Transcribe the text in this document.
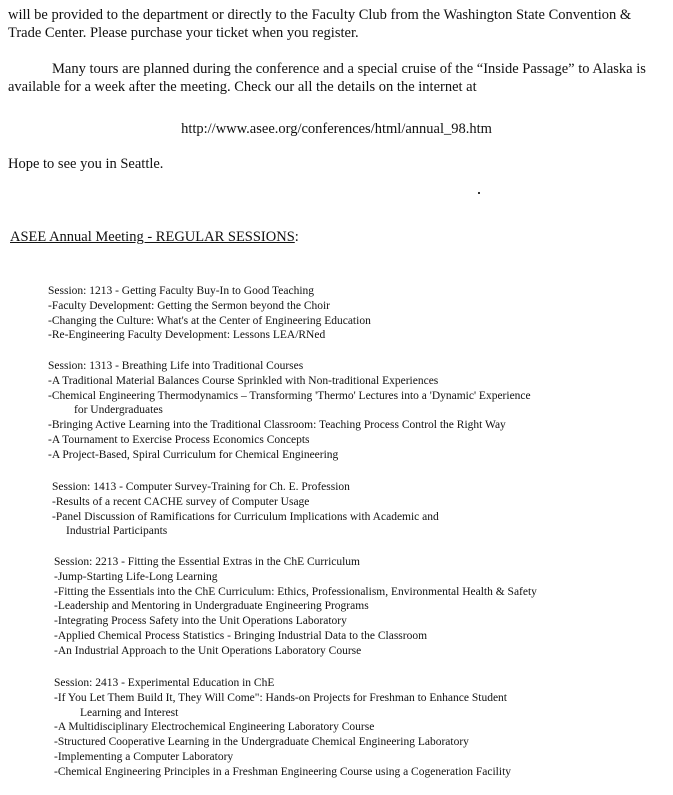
will be provided to the department or directly to the Faculty Club from the Washington State Convention & Trade Center. Please purchase your ticket when you register.

Many tours are planned during the conference and a special cruise of the “Inside Passage” to Alaska is available for a week after the meeting. Check our all the details on the internet at

http://www.asee.org/conferences/html/annual_98.htm

Hope to see you in Seattle.

ASEE Annual Meeting - REGULAR SESSIONS:

Session: 1213 - Getting Faculty Buy-In to Good Teaching
-Faculty Development: Getting the Sermon beyond the Choir
-Changing the Culture: What's at the Center of Engineering Education
-Re-Engineering Faculty Development: Lessons LEA/RNed
Session: 1313 - Breathing Life into Traditional Courses
-A Traditional Material Balances Course Sprinkled with Non-traditional Experiences
-Chemical Engineering Thermodynamics – Transforming 'Thermo' Lectures into a 'Dynamic' Experience
for Undergraduates
-Bringing Active Learning into the Traditional Classroom: Teaching Process Control the Right Way
-A Tournament to Exercise Process Economics Concepts
-A Project-Based, Spiral Curriculum for Chemical Engineering
Session: 1413 - Computer Survey-Training for Ch. E. Profession
-Results of a recent CACHE survey of Computer Usage
-Panel Discussion of Ramifications for Curriculum Implications with Academic and
Industrial Participants
Session: 2213 - Fitting the Essential Extras in the ChE Curriculum
-Jump-Starting Life-Long Learning
-Fitting the Essentials into the ChE Curriculum: Ethics, Professionalism, Environmental Health & Safety
-Leadership and Mentoring in Undergraduate Engineering Programs
-Integrating Process Safety into the Unit Operations Laboratory
-Applied Chemical Process Statistics - Bringing Industrial Data to the Classroom
-An Industrial Approach to the Unit Operations Laboratory Course
Session: 2413 - Experimental Education in ChE
-If You Let Them Build It, They Will Come": Hands-on Projects for Freshman to Enhance Student
Learning and Interest
-A Multidisciplinary Electrochemical Engineering Laboratory Course
-Structured Cooperative Learning in the Undergraduate Chemical Engineering Laboratory
-Implementing a Computer Laboratory
-Chemical Engineering Principles in a Freshman Engineering Course using a Cogeneration Facility
